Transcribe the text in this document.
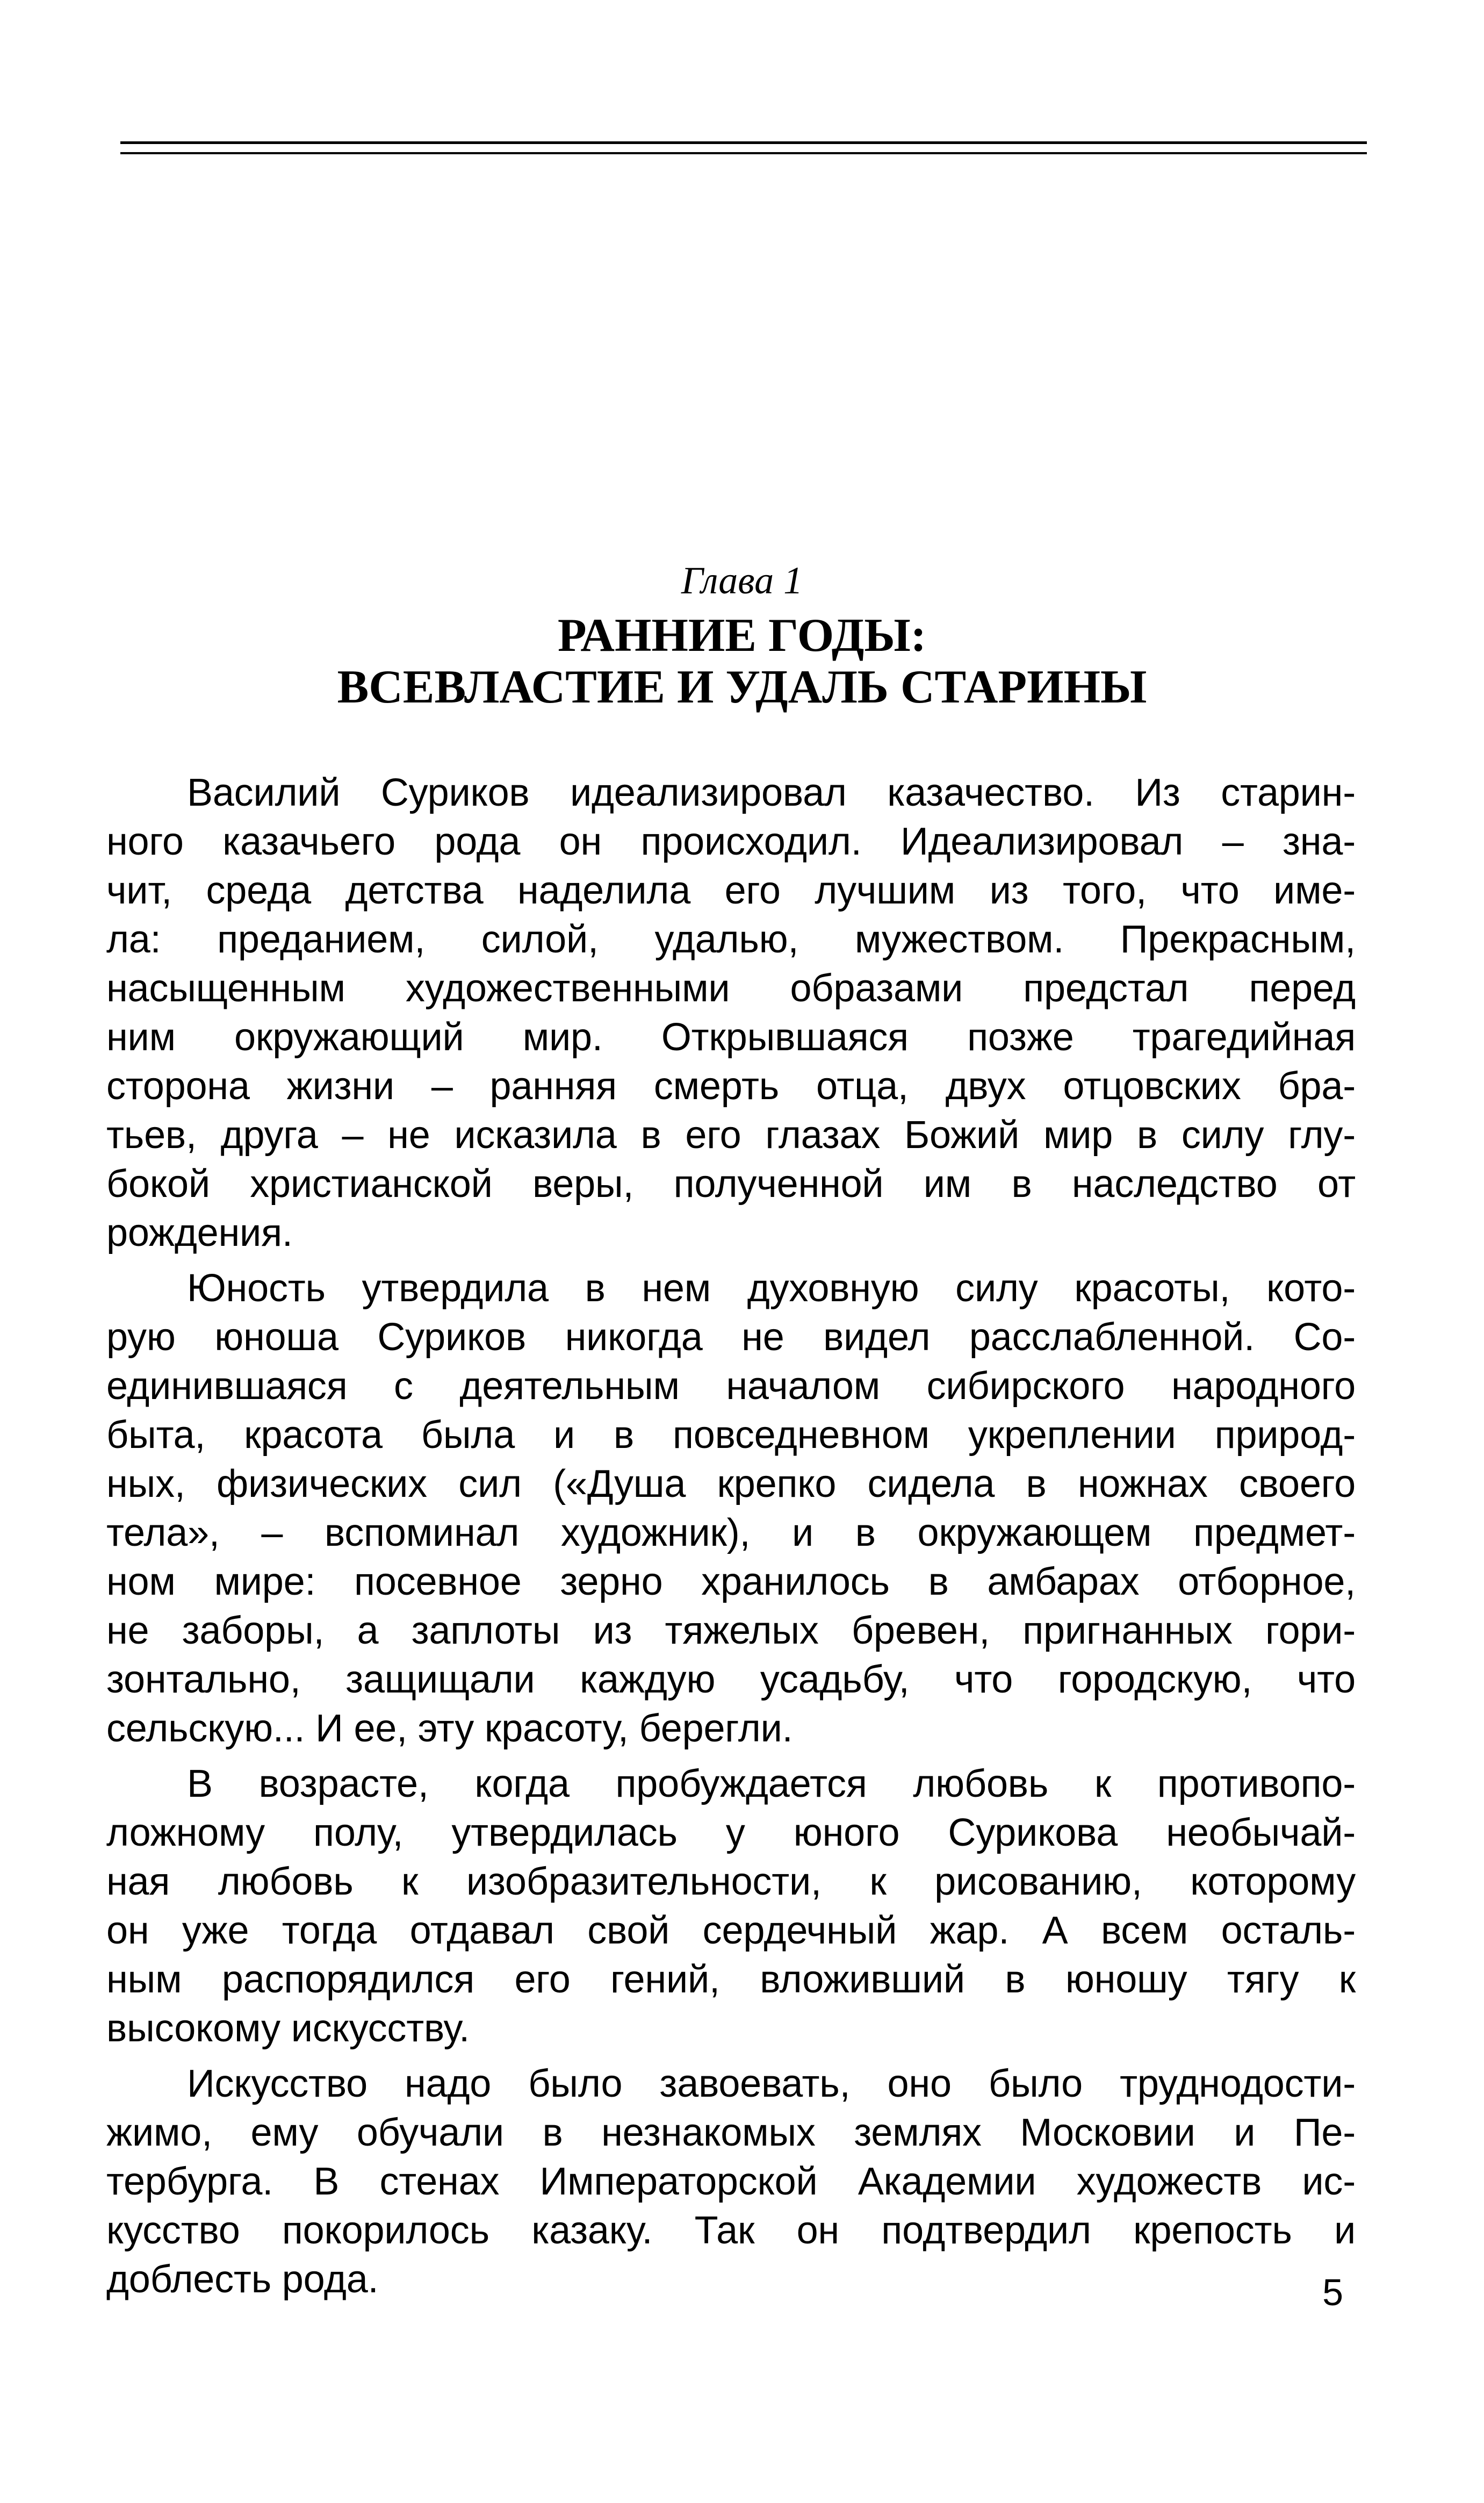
Глава 1
РАННИЕ ГОДЫ:
ВСЕВЛАСТИЕ И УДАЛЬ СТАРИНЫ
Василий Суриков идеализировал казачество. Из старин-
ного казачьего рода он происходил. Идеализировал – зна-
чит, среда детства наделила его лучшим из того, что име-
ла: преданием, силой, удалью, мужеством. Прекрасным,
насыщенным художественными образами предстал перед
ним окружающий мир. Открывшаяся позже трагедийная
сторона жизни – ранняя смерть отца, двух отцовских бра-
тьев, друга – не исказила в его глазах Божий мир в силу глу-
бокой христианской веры, полученной им в наследство от
рождения.
Юность утвердила в нем духовную силу красоты, кото-
рую юноша Суриков никогда не видел расслабленной. Со-
единившаяся с деятельным началом сибирского народного
быта, красота была и в повседневном укреплении природ-
ных, физических сил («Душа крепко сидела в ножнах своего
тела», – вспоминал художник), и в окружающем предмет-
ном мире: посевное зерно хранилось в амбарах отборное,
не заборы, а заплоты из тяжелых бревен, пригнанных гори-
зонтально, защищали каждую усадьбу, что городскую, что
сельскую... И ее, эту красоту, берегли.
В возрасте, когда пробуждается любовь к противопо-
ложному полу, утвердилась у юного Сурикова необычай-
ная любовь к изобразительности, к рисованию, которому
он уже тогда отдавал свой сердечный жар. А всем осталь-
ным распорядился его гений, вложивший в юношу тягу к
высокому искусству.
Искусство надо было завоевать, оно было труднодости-
жимо, ему обучали в незнакомых землях Московии и Пе-
тербурга. В стенах Императорской Академии художеств ис-
кусство покорилось казаку. Так он подтвердил крепость и
доблесть рода.	5
